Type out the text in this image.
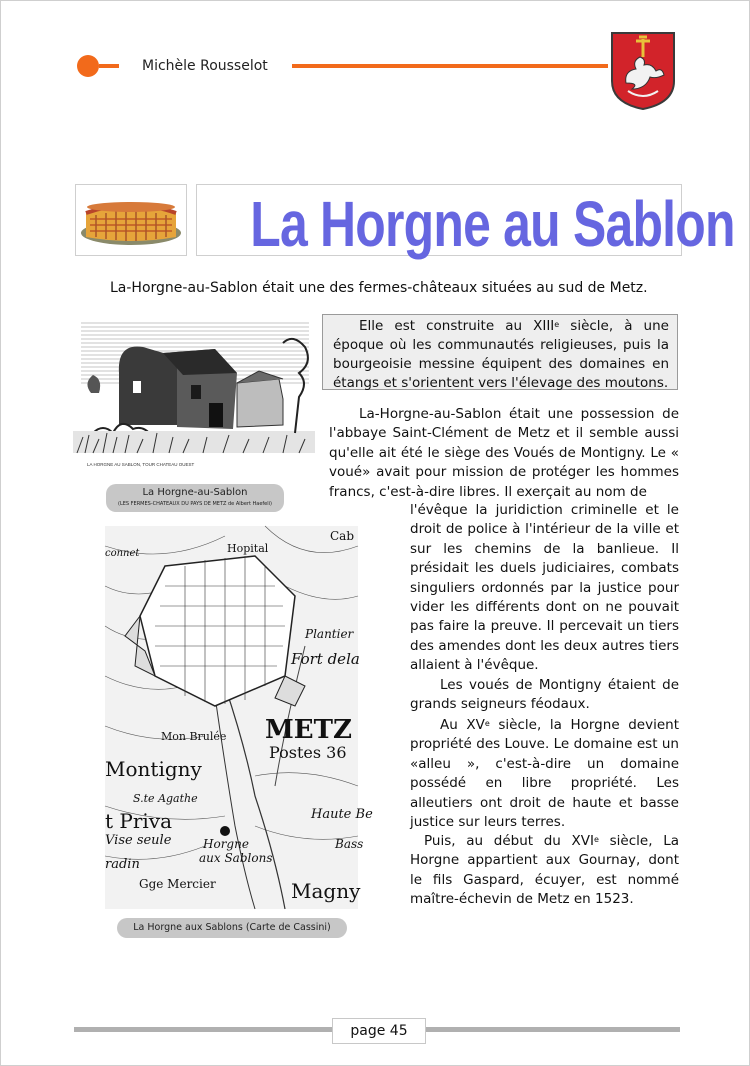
Michèle Rousselot
La Horgne au Sablon
La-Horgne-au-Sablon était une des fermes-châteaux situées au sud de Metz.
LA HORGNE AU SABLON, TOUR CHATEAU OUEST
La Horgne-au-Sablon
(LES FERMES-CHATEAUX DU PAYS DE METZ de Albert Haefeli)

Elle est construite au XIIIe siècle, à une époque où les communautés religieuses, puis la bourgeoisie messine équipent des domaines en étangs et s'orientent vers l'élevage des moutons.

La-Horgne-au-Sablon était une possession de l'abbaye Saint-Clément de Metz et il semble aussi qu'elle ait été le siège des Voués de Montigny. Le « voué» avait pour mission de protéger les hommes francs, c'est-à-dire libres. Il exerçait au nom de

l'évêque la juridiction criminelle et le droit de police à l'intérieur de la ville et sur les chemins de la banlieue. Il présidait les duels judiciaires, combats singuliers ordonnés par la justice pour vider les différents dont on ne pouvait pas faire la preuve. Il percevait un tiers des amendes dont les deux autres tiers allaient à l'évêque.

Les voués de Montigny étaient de grands seigneurs féodaux.

Au XVe siècle, la Horgne devient propriété des Louve. Le domaine est un «alleu », c'est-à-dire un domaine possédé en libre propriété. Les alleutiers ont droit de haute et basse justice sur leurs terres.

Puis, au début du XVIe siècle, La Horgne appartient aux Gournay, dont le fils Gaspard, écuyer, est nommé maître-échevin de Metz en 1523.

Cab
connet	Hopital
Plantier
Fort dela
METZ
Postes 36
Mon Brulée
Montigny
S.te Agathe
t Priva
Vise seule	Horgne
aux Sablons
Haute Be
Bass
radin
Gge Mercier	Magny
La Horgne aux Sablons (Carte de Cassini)
page 45
